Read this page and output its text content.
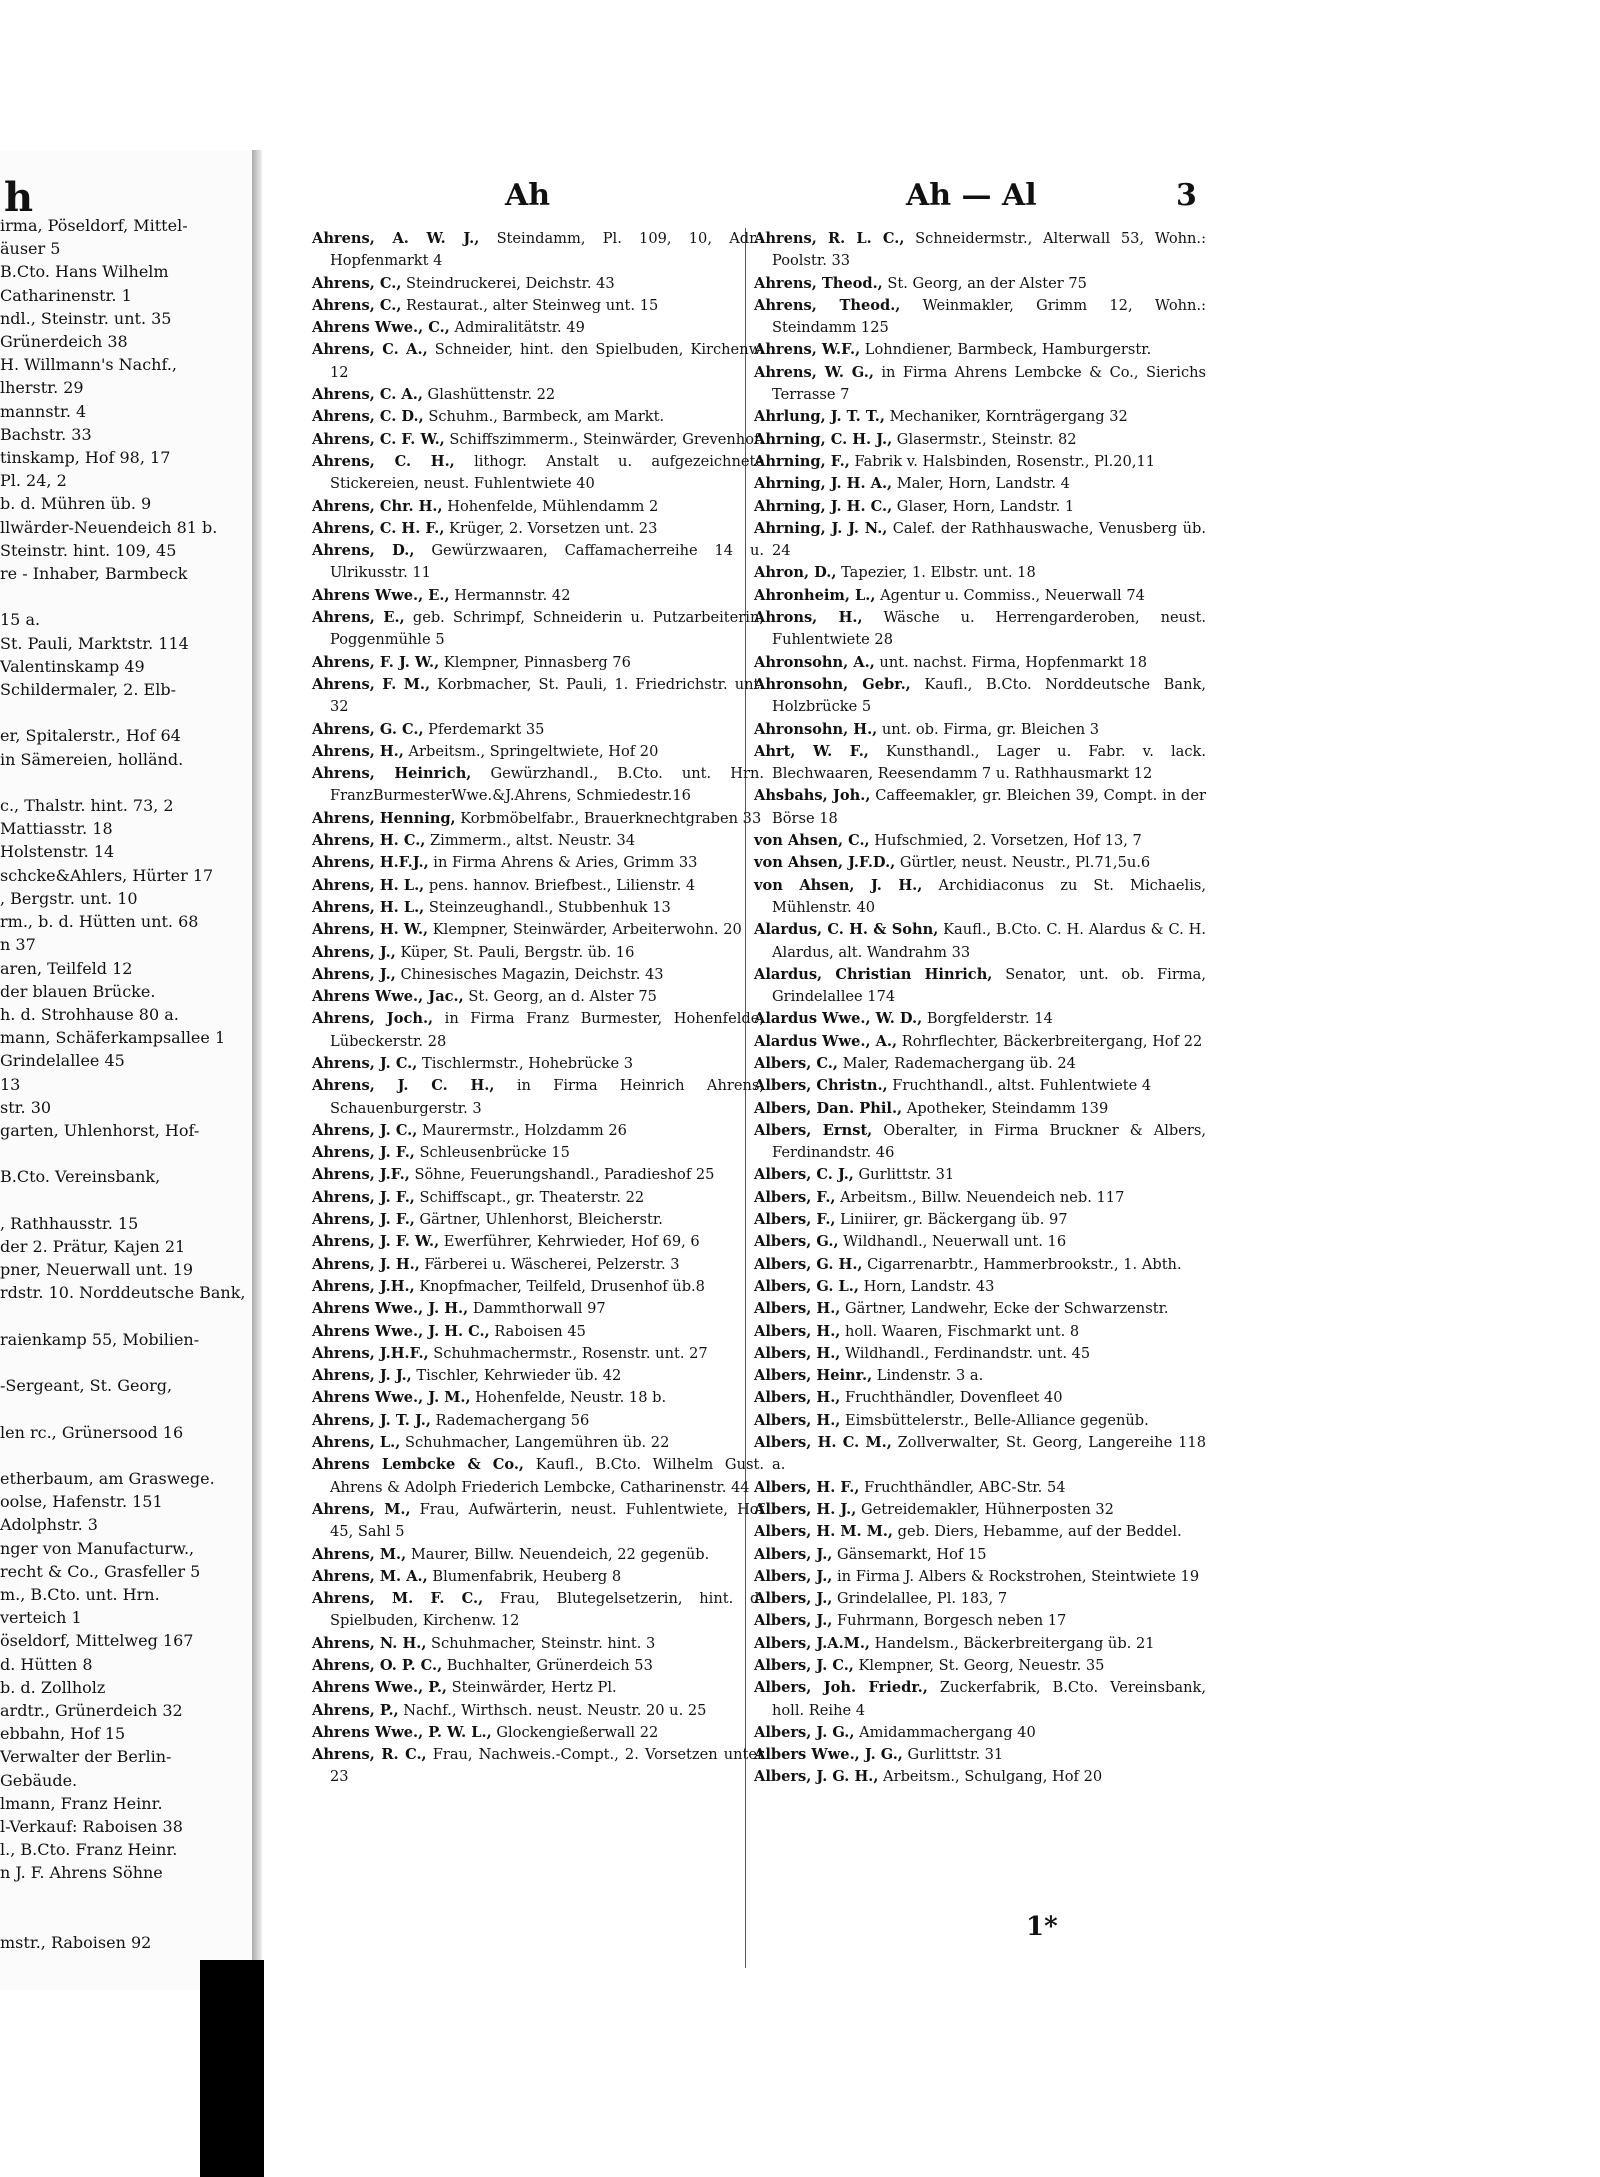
h
irma, Pöseldorf, Mittel-
äuser 5
B.Cto. Hans Wilhelm
Catharinenstr. 1
ndl., Steinstr. unt. 35
Grünerdeich 38
H. Willmann's Nachf.,
lherstr. 29
mannstr. 4
Bachstr. 33
tinskamp, Hof 98, 17
Pl. 24, 2
b. d. Mühren üb. 9
llwärder-Neuendeich 81 b.
Steinstr. hint. 109, 45
re - Inhaber, Barmbeck

15 a.
St. Pauli, Marktstr. 114
Valentinskamp 49
Schildermaler, 2. Elb-

er, Spitalerstr., Hof 64
in Sämereien, holländ.

c., Thalstr. hint. 73, 2
Mattiasstr. 18
Holstenstr. 14
schcke&Ahlers, Hürter 17
, Bergstr. unt. 10
rm., b. d. Hütten unt. 68
n 37
aren, Teilfeld 12
der blauen Brücke.
h. d. Strohhause 80 a.
mann, Schäferkampsallee 1
Grindelallee 45
13
str. 30
garten, Uhlenhorst, Hof-

B.Cto. Vereinsbank,

, Rathhausstr. 15
der 2. Prätur, Kajen 21
pner, Neuerwall unt. 19
rdstr. 10. Norddeutsche Bank,

raienkamp 55, Mobilien-

-Sergeant, St. Georg,

len rc., Grünersood 16

etherbaum, am Graswege.
oolse, Hafenstr. 151
Adolphstr. 3
nger von Manufacturw.,
recht & Co., Grasfeller 5
m., B.Cto. unt. Hrn.
verteich 1
öseldorf, Mittelweg 167
d. Hütten 8
b. d. Zollholz
ardtr., Grünerdeich 32
ebbahn, Hof 15
Verwalter der Berlin-
Gebäude.
lmann, Franz Heinr.
l-Verkauf: Raboisen 38
l., B.Cto. Franz Heinr.
n J. F. Ahrens Söhne

mstr., Raboisen 92
Ah	Ah — Al	3

Ahrens, A. W. J., Steindamm, Pl. 109, 10, Adr.: Hopfenmarkt 4

Ahrens, C., Steindruckerei, Deichstr. 43

Ahrens, C., Restaurat., alter Steinweg unt. 15

Ahrens Wwe., C., Admiralitätstr. 49

Ahrens, C. A., Schneider, hint. den Spielbuden, Kirchenw. 12

Ahrens, C. A., Glashüttenstr. 22

Ahrens, C. D., Schuhm., Barmbeck, am Markt.

Ahrens, C. F. W., Schiffszimmerm., Steinwärder, Grevenhof.

Ahrens, C. H., lithogr. Anstalt u. aufgezeichnete Stickereien, neust. Fuhlentwiete 40

Ahrens, Chr. H., Hohenfelde, Mühlendamm 2

Ahrens, C. H. F., Krüger, 2. Vorsetzen unt. 23

Ahrens, D., Gewürzwaaren, Caffamacherreihe 14 u. Ulrikusstr. 11

Ahrens Wwe., E., Hermannstr. 42

Ahrens, E., geb. Schrimpf, Schneiderin u. Putzarbeiterin, Poggenmühle 5

Ahrens, F. J. W., Klempner, Pinnasberg 76

Ahrens, F. M., Korbmacher, St. Pauli, 1. Friedrichstr. unt. 32

Ahrens, G. C., Pferdemarkt 35

Ahrens, H., Arbeitsm., Springeltwiete, Hof 20

Ahrens, Heinrich, Gewürzhandl., B.Cto. unt. Hrn. FranzBurmesterWwe.&J.Ahrens, Schmiedestr.16

Ahrens, Henning, Korbmöbelfabr., Brauerknechtgraben 33

Ahrens, H. C., Zimmerm., altst. Neustr. 34

Ahrens, H.F.J., in Firma Ahrens & Aries, Grimm 33

Ahrens, H. L., pens. hannov. Briefbest., Lilienstr. 4

Ahrens, H. L., Steinzeughandl., Stubbenhuk 13

Ahrens, H. W., Klempner, Steinwärder, Arbeiterwohn. 20

Ahrens, J., Küper, St. Pauli, Bergstr. üb. 16

Ahrens, J., Chinesisches Magazin, Deichstr. 43

Ahrens Wwe., Jac., St. Georg, an d. Alster 75

Ahrens, Joch., in Firma Franz Burmester, Hohenfelde, Lübeckerstr. 28

Ahrens, J. C., Tischlermstr., Hohebrücke 3

Ahrens, J. C. H., in Firma Heinrich Ahrens, Schauenburgerstr. 3

Ahrens, J. C., Maurermstr., Holzdamm 26

Ahrens, J. F., Schleusenbrücke 15

Ahrens, J.F., Söhne, Feuerungshandl., Paradieshof 25

Ahrens, J. F., Schiffscapt., gr. Theaterstr. 22

Ahrens, J. F., Gärtner, Uhlenhorst, Bleicherstr.

Ahrens, J. F. W., Ewerführer, Kehrwieder, Hof 69, 6

Ahrens, J. H., Färberei u. Wäscherei, Pelzerstr. 3

Ahrens, J.H., Knopfmacher, Teilfeld, Drusenhof üb.8

Ahrens Wwe., J. H., Dammthorwall 97

Ahrens Wwe., J. H. C., Raboisen 45

Ahrens, J.H.F., Schuhmachermstr., Rosenstr. unt. 27

Ahrens, J. J., Tischler, Kehrwieder üb. 42

Ahrens Wwe., J. M., Hohenfelde, Neustr. 18 b.

Ahrens, J. T. J., Rademachergang 56

Ahrens, L., Schuhmacher, Langemühren üb. 22

Ahrens Lembcke & Co., Kaufl., B.Cto. Wilhelm Gust. Ahrens & Adolph Friederich Lembcke, Catharinenstr. 44

Ahrens, M., Frau, Aufwärterin, neust. Fuhlentwiete, Hof 45, Sahl 5

Ahrens, M., Maurer, Billw. Neuendeich, 22 gegenüb.

Ahrens, M. A., Blumenfabrik, Heuberg 8

Ahrens, M. F. C., Frau, Blutegelsetzerin, hint. d. Spielbuden, Kirchenw. 12

Ahrens, N. H., Schuhmacher, Steinstr. hint. 3

Ahrens, O. P. C., Buchhalter, Grünerdeich 53

Ahrens Wwe., P., Steinwärder, Hertz Pl.

Ahrens, P., Nachf., Wirthsch. neust. Neustr. 20 u. 25

Ahrens Wwe., P. W. L., Glockengießerwall 22

Ahrens, R. C., Frau, Nachweis.-Compt., 2. Vorsetzen unter 23

Ahrens, R. L. C., Schneidermstr., Alterwall 53, Wohn.: Poolstr. 33

Ahrens, Theod., St. Georg, an der Alster 75

Ahrens, Theod., Weinmakler, Grimm 12, Wohn.: Steindamm 125

Ahrens, W.F., Lohndiener, Barmbeck, Hamburgerstr.

Ahrens, W. G., in Firma Ahrens Lembcke & Co., Sierichs Terrasse 7

Ahrlung, J. T. T., Mechaniker, Kornträgergang 32

Ahrning, C. H. J., Glasermstr., Steinstr. 82

Ahrning, F., Fabrik v. Halsbinden, Rosenstr., Pl.20,11

Ahrning, J. H. A., Maler, Horn, Landstr. 4

Ahrning, J. H. C., Glaser, Horn, Landstr. 1

Ahrning, J. J. N., Calef. der Rathhauswache, Venusberg üb. 24

Ahron, D., Tapezier, 1. Elbstr. unt. 18

Ahronheim, L., Agentur u. Commiss., Neuerwall 74

Ahrons, H., Wäsche u. Herrengarderoben, neust. Fuhlentwiete 28

Ahronsohn, A., unt. nachst. Firma, Hopfenmarkt 18

Ahronsohn, Gebr., Kaufl., B.Cto. Norddeutsche Bank, Holzbrücke 5

Ahronsohn, H., unt. ob. Firma, gr. Bleichen 3

Ahrt, W. F., Kunsthandl., Lager u. Fabr. v. lack. Blechwaaren, Reesendamm 7 u. Rathhausmarkt 12

Ahsbahs, Joh., Caffeemakler, gr. Bleichen 39, Compt. in der Börse 18

von Ahsen, C., Hufschmied, 2. Vorsetzen, Hof 13, 7

von Ahsen, J.F.D., Gürtler, neust. Neustr., Pl.71,5u.6

von Ahsen, J. H., Archidiaconus zu St. Michaelis, Mühlenstr. 40

Alardus, C. H. & Sohn, Kaufl., B.Cto. C. H. Alardus & C. H. Alardus, alt. Wandrahm 33

Alardus, Christian Hinrich, Senator, unt. ob. Firma, Grindelallee 174

Alardus Wwe., W. D., Borgfelderstr. 14

Alardus Wwe., A., Rohrflechter, Bäckerbreitergang, Hof 22

Albers, C., Maler, Rademachergang üb. 24

Albers, Christn., Fruchthandl., altst. Fuhlentwiete 4

Albers, Dan. Phil., Apotheker, Steindamm 139

Albers, Ernst, Oberalter, in Firma Bruckner & Albers, Ferdinandstr. 46

Albers, C. J., Gurlittstr. 31

Albers, F., Arbeitsm., Billw. Neuendeich neb. 117

Albers, F., Liniirer, gr. Bäckergang üb. 97

Albers, G., Wildhandl., Neuerwall unt. 16

Albers, G. H., Cigarrenarbtr., Hammerbrookstr., 1. Abth.

Albers, G. L., Horn, Landstr. 43

Albers, H., Gärtner, Landwehr, Ecke der Schwarzenstr.

Albers, H., holl. Waaren, Fischmarkt unt. 8

Albers, H., Wildhandl., Ferdinandstr. unt. 45

Albers, Heinr., Lindenstr. 3 a.

Albers, H., Fruchthändler, Dovenfleet 40

Albers, H., Eimsbüttelerstr., Belle-Alliance gegenüb.

Albers, H. C. M., Zollverwalter, St. Georg, Langereihe 118 a.

Albers, H. F., Fruchthändler, ABC-Str. 54

Albers, H. J., Getreidemakler, Hühnerposten 32

Albers, H. M. M., geb. Diers, Hebamme, auf der Beddel.

Albers, J., Gänsemarkt, Hof 15

Albers, J., in Firma J. Albers & Rockstrohen, Steintwiete 19

Albers, J., Grindelallee, Pl. 183, 7

Albers, J., Fuhrmann, Borgesch neben 17

Albers, J.A.M., Handelsm., Bäckerbreitergang üb. 21

Albers, J. C., Klempner, St. Georg, Neuestr. 35

Albers, Joh. Friedr., Zuckerfabrik, B.Cto. Vereinsbank, holl. Reihe 4

Albers, J. G., Amidammachergang 40

Albers Wwe., J. G., Gurlittstr. 31

Albers, J. G. H., Arbeitsm., Schulgang, Hof 20

1*
